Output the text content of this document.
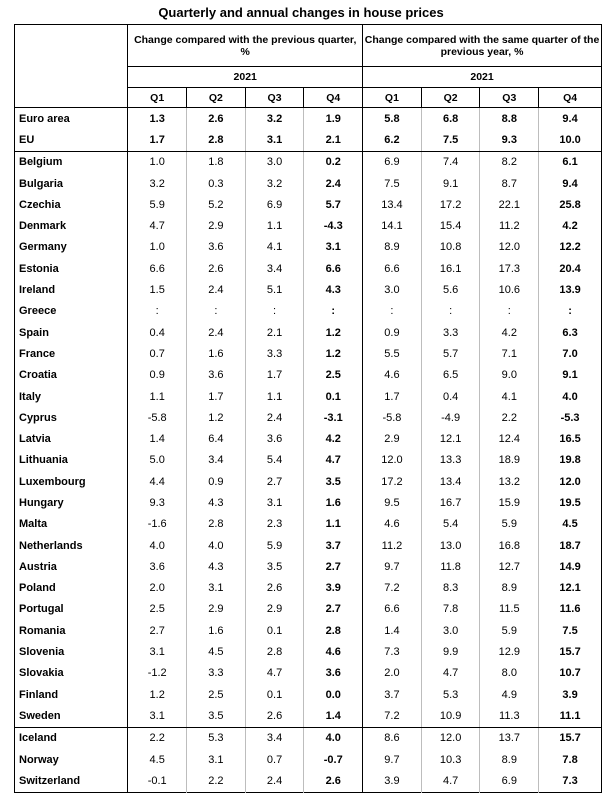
Quarterly and annual changes in house prices
	Change compared with the previous quarter, %				Change compared with the same quarter of the previous year, %			
	2021				2021			
	Q1	Q2	Q3	Q4	Q1	Q2	Q3	Q4
Euro area	1.3	2.6	3.2	1.9	5.8	6.8	8.8	9.4
EU	1.7	2.8	3.1	2.1	6.2	7.5	9.3	10.0
Belgium	1.0	1.8	3.0	0.2	6.9	7.4	8.2	6.1
Bulgaria	3.2	0.3	3.2	2.4	7.5	9.1	8.7	9.4
Czechia	5.9	5.2	6.9	5.7	13.4	17.2	22.1	25.8
Denmark	4.7	2.9	1.1	-4.3	14.1	15.4	11.2	4.2
Germany	1.0	3.6	4.1	3.1	8.9	10.8	12.0	12.2
Estonia	6.6	2.6	3.4	6.6	6.6	16.1	17.3	20.4
Ireland	1.5	2.4	5.1	4.3	3.0	5.6	10.6	13.9
Greece	:	:	:	:	:	:	:	:
Spain	0.4	2.4	2.1	1.2	0.9	3.3	4.2	6.3
France	0.7	1.6	3.3	1.2	5.5	5.7	7.1	7.0
Croatia	0.9	3.6	1.7	2.5	4.6	6.5	9.0	9.1
Italy	1.1	1.7	1.1	0.1	1.7	0.4	4.1	4.0
Cyprus	-5.8	1.2	2.4	-3.1	-5.8	-4.9	2.2	-5.3
Latvia	1.4	6.4	3.6	4.2	2.9	12.1	12.4	16.5
Lithuania	5.0	3.4	5.4	4.7	12.0	13.3	18.9	19.8
Luxembourg	4.4	0.9	2.7	3.5	17.2	13.4	13.2	12.0
Hungary	9.3	4.3	3.1	1.6	9.5	16.7	15.9	19.5
Malta	-1.6	2.8	2.3	1.1	4.6	5.4	5.9	4.5
Netherlands	4.0	4.0	5.9	3.7	11.2	13.0	16.8	18.7
Austria	3.6	4.3	3.5	2.7	9.7	11.8	12.7	14.9
Poland	2.0	3.1	2.6	3.9	7.2	8.3	8.9	12.1
Portugal	2.5	2.9	2.9	2.7	6.6	7.8	11.5	11.6
Romania	2.7	1.6	0.1	2.8	1.4	3.0	5.9	7.5
Slovenia	3.1	4.5	2.8	4.6	7.3	9.9	12.9	15.7
Slovakia	-1.2	3.3	4.7	3.6	2.0	4.7	8.0	10.7
Finland	1.2	2.5	0.1	0.0	3.7	5.3	4.9	3.9
Sweden	3.1	3.5	2.6	1.4	7.2	10.9	11.3	11.1
Iceland	2.2	5.3	3.4	4.0	8.6	12.0	13.7	15.7
Norway	4.5	3.1	0.7	-0.7	9.7	10.3	8.9	7.8
Switzerland	-0.1	2.2	2.4	2.6	3.9	4.7	6.9	7.3
